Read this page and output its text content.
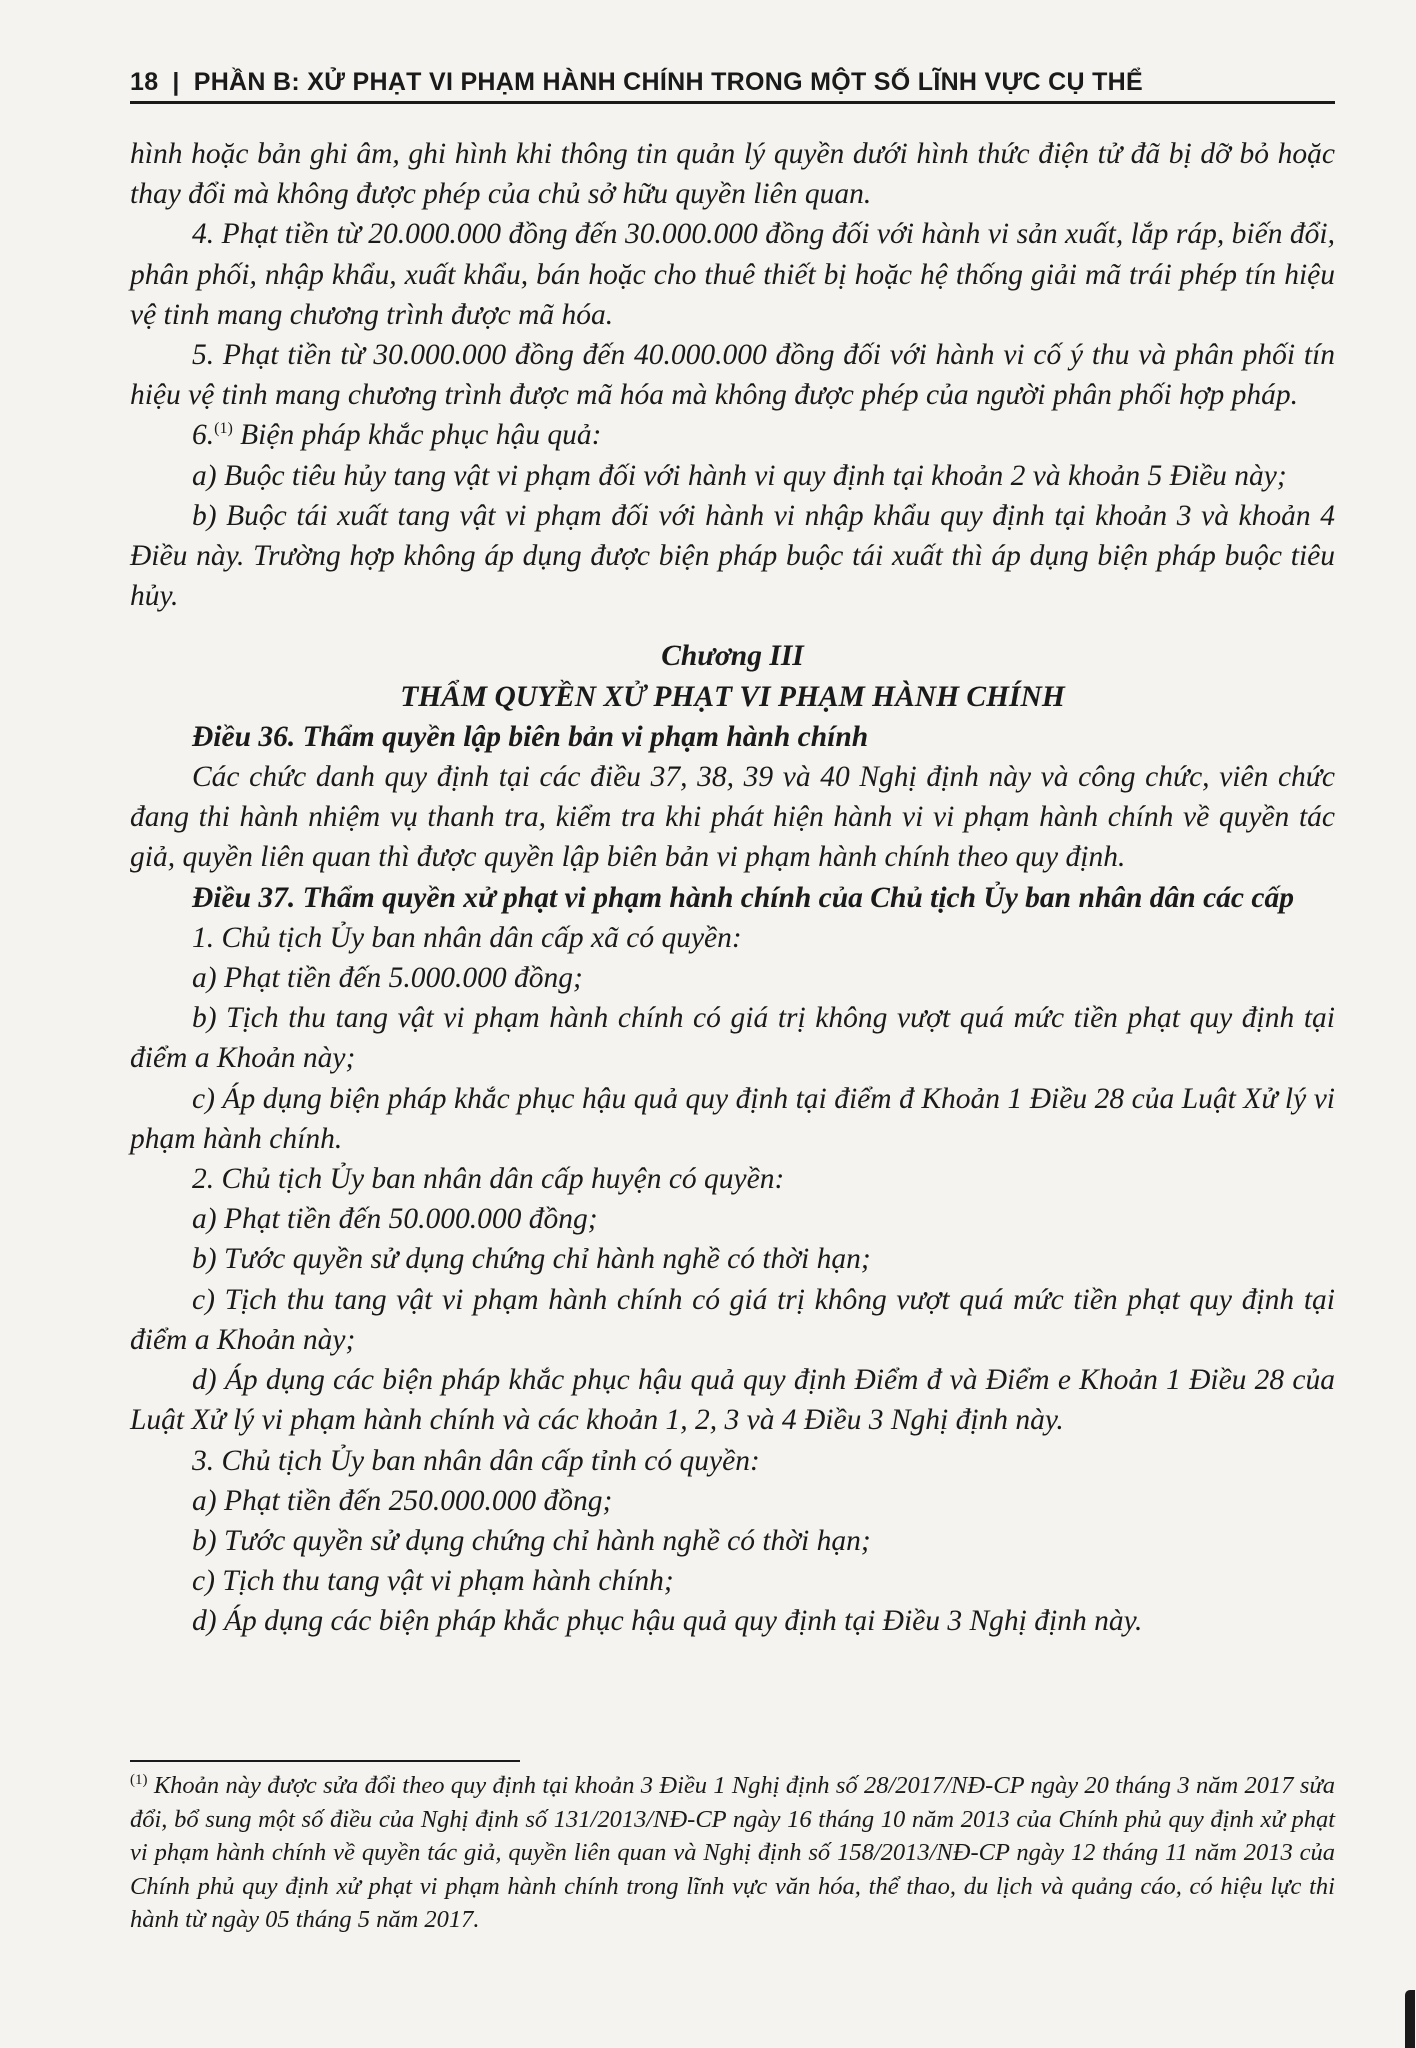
18 | PHẦN B: XỬ PHẠT VI PHẠM HÀNH CHÍNH TRONG MỘT SỐ LĨNH VỰC CỤ THỂ

hình hoặc bản ghi âm, ghi hình khi thông tin quản lý quyền dưới hình thức điện tử đã bị dỡ bỏ hoặc thay đổi mà không được phép của chủ sở hữu quyền liên quan.

4. Phạt tiền từ 20.000.000 đồng đến 30.000.000 đồng đối với hành vi sản xuất, lắp ráp, biến đổi, phân phối, nhập khẩu, xuất khẩu, bán hoặc cho thuê thiết bị hoặc hệ thống giải mã trái phép tín hiệu vệ tinh mang chương trình được mã hóa.

5. Phạt tiền từ 30.000.000 đồng đến 40.000.000 đồng đối với hành vi cố ý thu và phân phối tín hiệu vệ tinh mang chương trình được mã hóa mà không được phép của người phân phối hợp pháp.

6.$^{(1)}$ Biện pháp khắc phục hậu quả:

a) Buộc tiêu hủy tang vật vi phạm đối với hành vi quy định tại khoản 2 và khoản 5 Điều này;

b) Buộc tái xuất tang vật vi phạm đối với hành vi nhập khẩu quy định tại khoản 3 và khoản 4 Điều này. Trường hợp không áp dụng được biện pháp buộc tái xuất thì áp dụng biện pháp buộc tiêu hủy.

Chương III

THẨM QUYỀN XỬ PHẠT VI PHẠM HÀNH CHÍNH

Điều 36. Thẩm quyền lập biên bản vi phạm hành chính

Các chức danh quy định tại các điều 37, 38, 39 và 40 Nghị định này và công chức, viên chức đang thi hành nhiệm vụ thanh tra, kiểm tra khi phát hiện hành vi vi phạm hành chính về quyền tác giả, quyền liên quan thì được quyền lập biên bản vi phạm hành chính theo quy định.

Điều 37. Thẩm quyền xử phạt vi phạm hành chính của Chủ tịch Ủy ban nhân dân các cấp

1. Chủ tịch Ủy ban nhân dân cấp xã có quyền:

a) Phạt tiền đến 5.000.000 đồng;

b) Tịch thu tang vật vi phạm hành chính có giá trị không vượt quá mức tiền phạt quy định tại điểm a Khoản này;

c) Áp dụng biện pháp khắc phục hậu quả quy định tại điểm đ Khoản 1 Điều 28 của Luật Xử lý vi phạm hành chính.

2. Chủ tịch Ủy ban nhân dân cấp huyện có quyền:

a) Phạt tiền đến 50.000.000 đồng;

b) Tước quyền sử dụng chứng chỉ hành nghề có thời hạn;

c) Tịch thu tang vật vi phạm hành chính có giá trị không vượt quá mức tiền phạt quy định tại điểm a Khoản này;

d) Áp dụng các biện pháp khắc phục hậu quả quy định Điểm đ và Điểm e Khoản 1 Điều 28 của Luật Xử lý vi phạm hành chính và các khoản 1, 2, 3 và 4 Điều 3 Nghị định này.

3. Chủ tịch Ủy ban nhân dân cấp tỉnh có quyền:

a) Phạt tiền đến 250.000.000 đồng;

b) Tước quyền sử dụng chứng chỉ hành nghề có thời hạn;

c) Tịch thu tang vật vi phạm hành chính;

d) Áp dụng các biện pháp khắc phục hậu quả quy định tại Điều 3 Nghị định này.

$^{(1)}$ Khoản này được sửa đổi theo quy định tại khoản 3 Điều 1 Nghị định số 28/2017/NĐ-CP ngày 20 tháng 3 năm 2017 sửa đổi, bổ sung một số điều của Nghị định số 131/2013/NĐ-CP ngày 16 tháng 10 năm 2013 của Chính phủ quy định xử phạt vi phạm hành chính về quyền tác giả, quyền liên quan và Nghị định số 158/2013/NĐ-CP ngày 12 tháng 11 năm 2013 của Chính phủ quy định xử phạt vi phạm hành chính trong lĩnh vực văn hóa, thể thao, du lịch và quảng cáo, có hiệu lực thi hành từ ngày 05 tháng 5 năm 2017.
